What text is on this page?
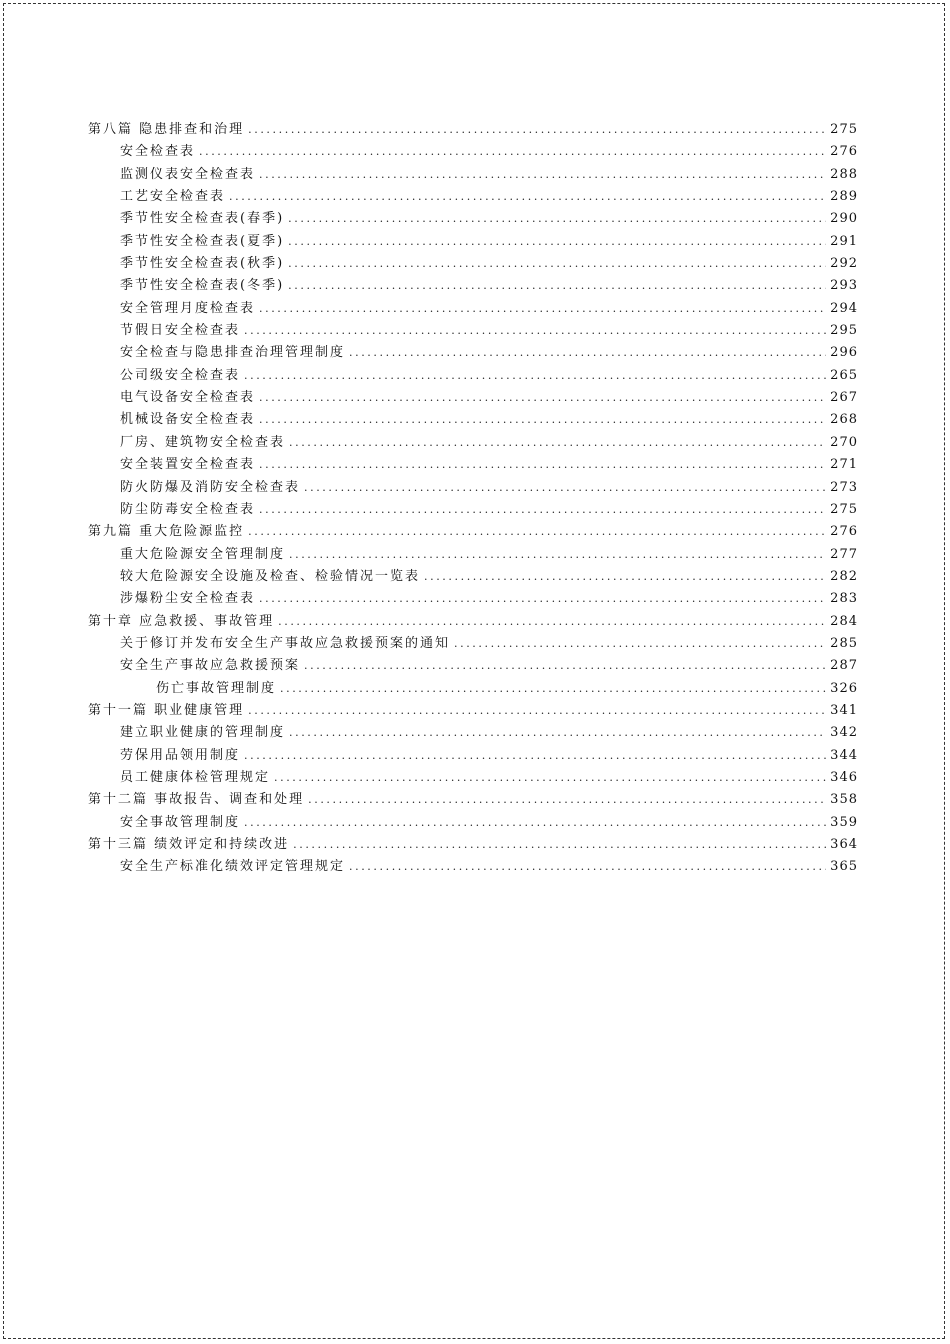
第八篇 隐患排查和治理 .....	275
安全检查表 .....	276
监测仪表安全检查表 .....	288
工艺安全检查表 .....	289
季节性安全检查表(春季) .....	290
季节性安全检查表(夏季) .....	291
季节性安全检查表(秋季) .....	292
季节性安全检查表(冬季) .....	293
安全管理月度检查表 .....	294
节假日安全检查表 .....	295
安全检查与隐患排查治理管理制度 .....	296
公司级安全检查表 .....	265
电气设备安全检查表 .....	267
机械设备安全检查表 .....	268
厂房、建筑物安全检查表 .....	270
安全装置安全检查表 .....	271
防火防爆及消防安全检查表 .....	273
防尘防毒安全检查表 .....	275
第九篇 重大危险源监控 .....	276
重大危险源安全管理制度 .....	277
较大危险源安全设施及检查、检验情况一览表 .....	282
涉爆粉尘安全检查表 .....	283
第十章 应急救援、事故管理 .....	284
关于修订并发布安全生产事故应急救援预案的通知 .....	285
安全生产事故应急救援预案 .....	287
伤亡事故管理制度 .....	326
第十一篇 职业健康管理 .....	341
建立职业健康的管理制度 .....	342
劳保用品领用制度 .....	344
员工健康体检管理规定 .....	346
第十二篇 事故报告、调查和处理 .....	358
安全事故管理制度 .....	359
第十三篇 绩效评定和持续改进 .....	364
安全生产标准化绩效评定管理规定 .....	365
